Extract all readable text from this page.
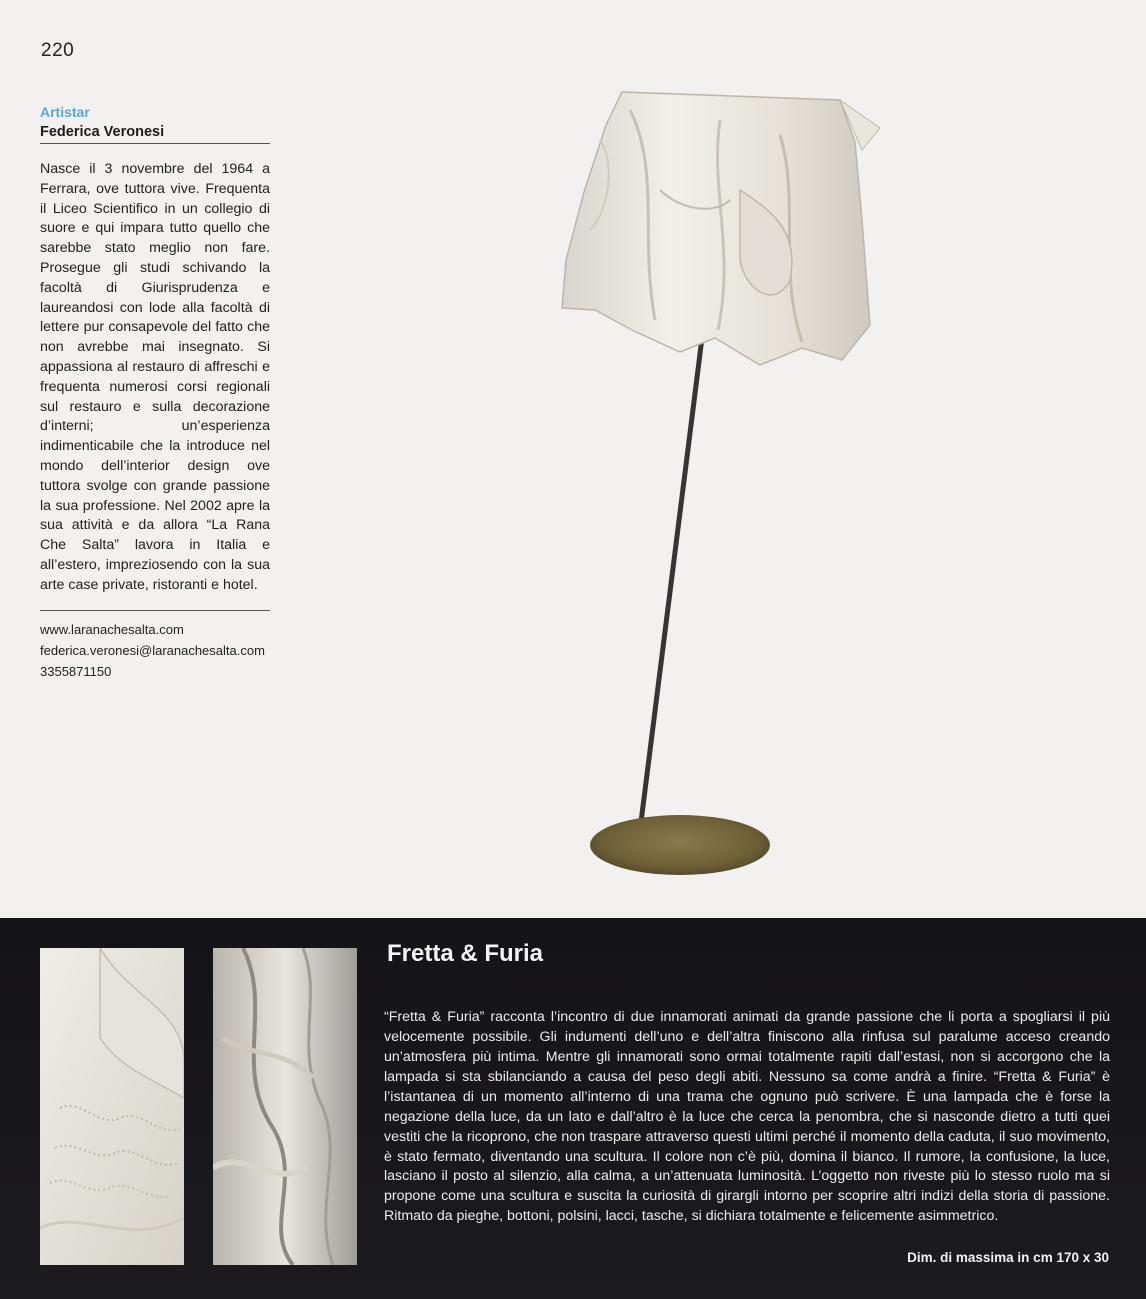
220
Artistar
Federica Veronesi

Nasce il 3 novembre del 1964 a Ferrara, ove tuttora vive. Frequenta il Liceo Scientifico in un collegio di suore e qui impara tutto quello che sarebbe stato meglio non fare. Prosegue gli studi schivando la facoltà di Giurisprudenza e laureandosi con lode alla facoltà di lettere pur consapevole del fatto che non avrebbe mai insegnato. Si appassiona al restauro di affreschi e frequenta numerosi corsi regionali sul restauro e sulla decorazione d’interni; un’esperienza indimenticabile che la introduce nel mondo dell’interior design ove tuttora svolge con grande passione la sua professione. Nel 2002 apre la sua attività e da allora “La Rana Che Salta” lavora in Italia e all’estero, impreziosendo con la sua arte case private, ristoranti e hotel.

www.laranachesalta.com
federica.veronesi@laranachesalta.com
3355871150
Fretta & Furia

“Fretta & Furia” racconta l’incontro di due innamorati animati da grande passione che li porta a spogliarsi il più velocemente possibile. Gli indumenti dell’uno e dell’altra finiscono alla rinfusa sul paralume acceso creando un’atmosfera più intima. Mentre gli innamorati sono ormai totalmente rapiti dall’estasi, non si accorgono che la lampada si sta sbilanciando a causa del peso degli abiti. Nessuno sa come andrà a finire. “Fretta & Furia” è l’istantanea di un momento all’interno di una trama che ognuno può scrivere. È una lampada che è forse la negazione della luce, da un lato e dall’altro è la luce che cerca la penombra, che si nasconde dietro a tutti quei vestiti che la ricoprono, che non traspare attraverso questi ultimi perché il momento della caduta, il suo movimento, è stato fermato, diventando una scultura. Il colore non c’è più, domina il bianco. Il rumore, la confusione, la luce, lasciano il posto al silenzio, alla calma, a un’attenuata luminosità. L’oggetto non riveste più lo stesso ruolo ma si propone come una scultura e suscita la curiosità di girargli intorno per scoprire altri indizi della storia di passione. Ritmato da pieghe, bottoni, polsini, lacci, tasche, si dichiara totalmente e felicemente asimmetrico.

Dim. di massima in cm 170 x 30
